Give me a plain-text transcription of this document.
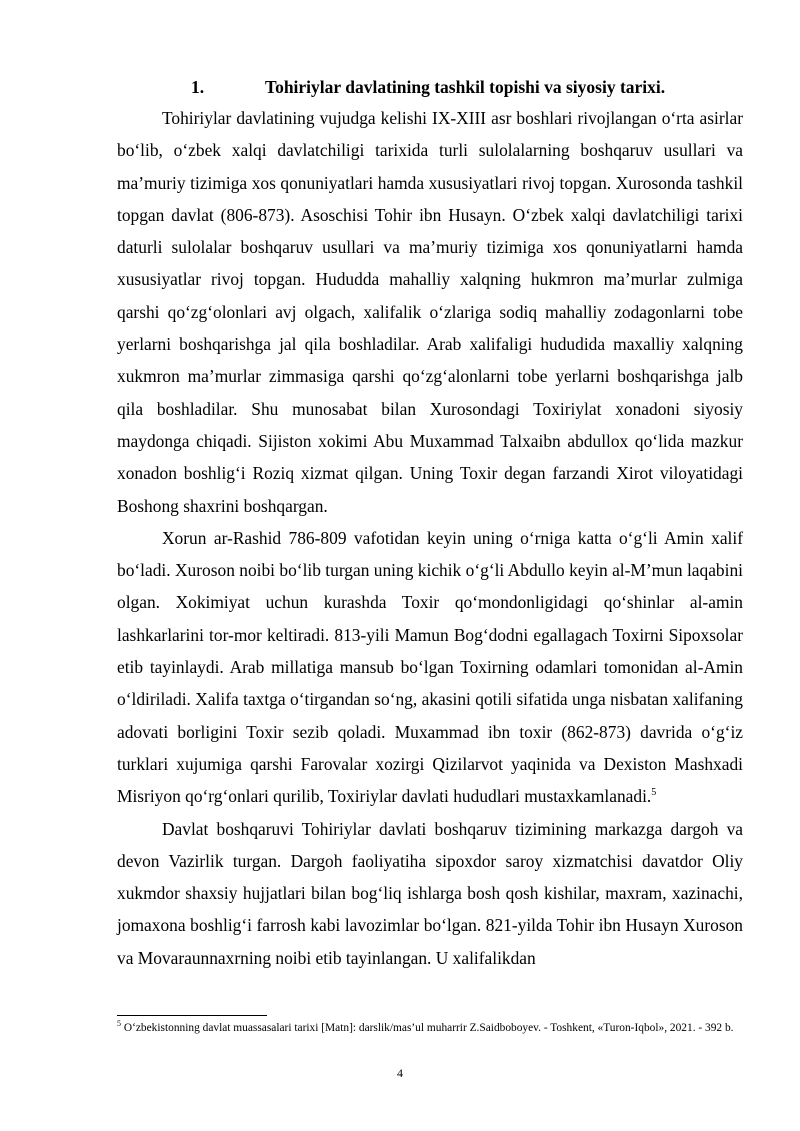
1.	Tohiriylar davlatining tashkil topishi va siyosiy tarixi.

Tohiriylar davlatining vujudga kelishi IX-XIII asr boshlari rivojlangan o‘rta asirlar bo‘lib, o‘zbek xalqi davlatchiligi tarixida turli sulolalarning boshqaruv usullari va ma’muriy tizimiga xos qonuniyatlari hamda xususiyatlari rivoj topgan. Xurosonda tashkil topgan davlat (806-873). Asoschisi Tohir ibn Husayn. O‘zbek xalqi davlatchiligi tarixi daturli sulolalar boshqaruv usullari va ma’muriy tizimiga xos qonuniyatlarni hamda xususiyatlar rivoj topgan. Hududda mahalliy xalqning hukmron ma’murlar zulmiga qarshi qo‘zg‘olonlari avj olgach, xalifalik o‘zlariga sodiq mahalliy zodagonlarni tobe yerlarni boshqarishga jal qila boshladilar. Arab xalifaligi hududida maxalliy xalqning xukmron ma’murlar zimmasiga qarshi qo‘zg‘alonlarni tobe yerlarni boshqarishga jalb qila boshladilar. Shu munosabat bilan Xurosondagi Toxiriylat xonadoni siyosiy maydonga chiqadi. Sijiston xokimi Abu Muxammad Talxaibn abdullox qo‘lida mazkur xonadon boshlig‘i Roziq xizmat qilgan. Uning Toxir degan farzandi Xirot viloyatidagi Boshong shaxrini boshqargan.

Xorun ar-Rashid 786-809 vafotidan keyin uning o‘rniga katta o‘g‘li Amin xalif bo‘ladi. Xuroson noibi bo‘lib turgan uning kichik o‘g‘li Abdullo keyin al-M’mun laqabini olgan. Xokimiyat uchun kurashda Toxir qo‘mondonligidagi qo‘shinlar al-amin lashkarlarini tor-mor keltiradi. 813-yili Mamun Bog‘dodni egallagach Toxirni Sipoxsolar etib tayinlaydi. Arab millatiga mansub bo‘lgan Toxirning odamlari tomonidan al-Amin o‘ldiriladi. Xalifa taxtga o‘tirgandan so‘ng, akasini qotili sifatida unga nisbatan xalifaning adovati borligini Toxir sezib qoladi. Muxammad ibn toxir (862-873) davrida o‘g‘iz turklari xujumiga qarshi Farovalar xozirgi Qizilarvot yaqinida va Dexiston Mashxadi Misriyon qo‘rg‘onlari qurilib, Toxiriylar davlati hududlari mustaxkamlanadi.$^5$

Davlat boshqaruvi Tohiriylar davlati boshqaruv tizimining markazga dargoh va devon Vazirlik turgan. Dargoh faoliyatiha sipoxdor saroy xizmatchisi davatdor Oliy xukmdor shaxsiy hujjatlari bilan bog‘liq ishlarga bosh qosh kishilar, maxram, xazinachi, jomaxona boshlig‘i farrosh kabi lavozimlar bo‘lgan. 821-yilda Tohir ibn Husayn Xuroson va Movaraunnaxrning noibi etib tayinlangan. U xalifalikdan

$^5$ O‘zbekistonning davlat muassasalari tarixi [Matn]: darslik/mas’ul muharrir Z.Saidboboyev. - Toshkent, «Turon-Iqbol», 2021. - 392 b.
4
